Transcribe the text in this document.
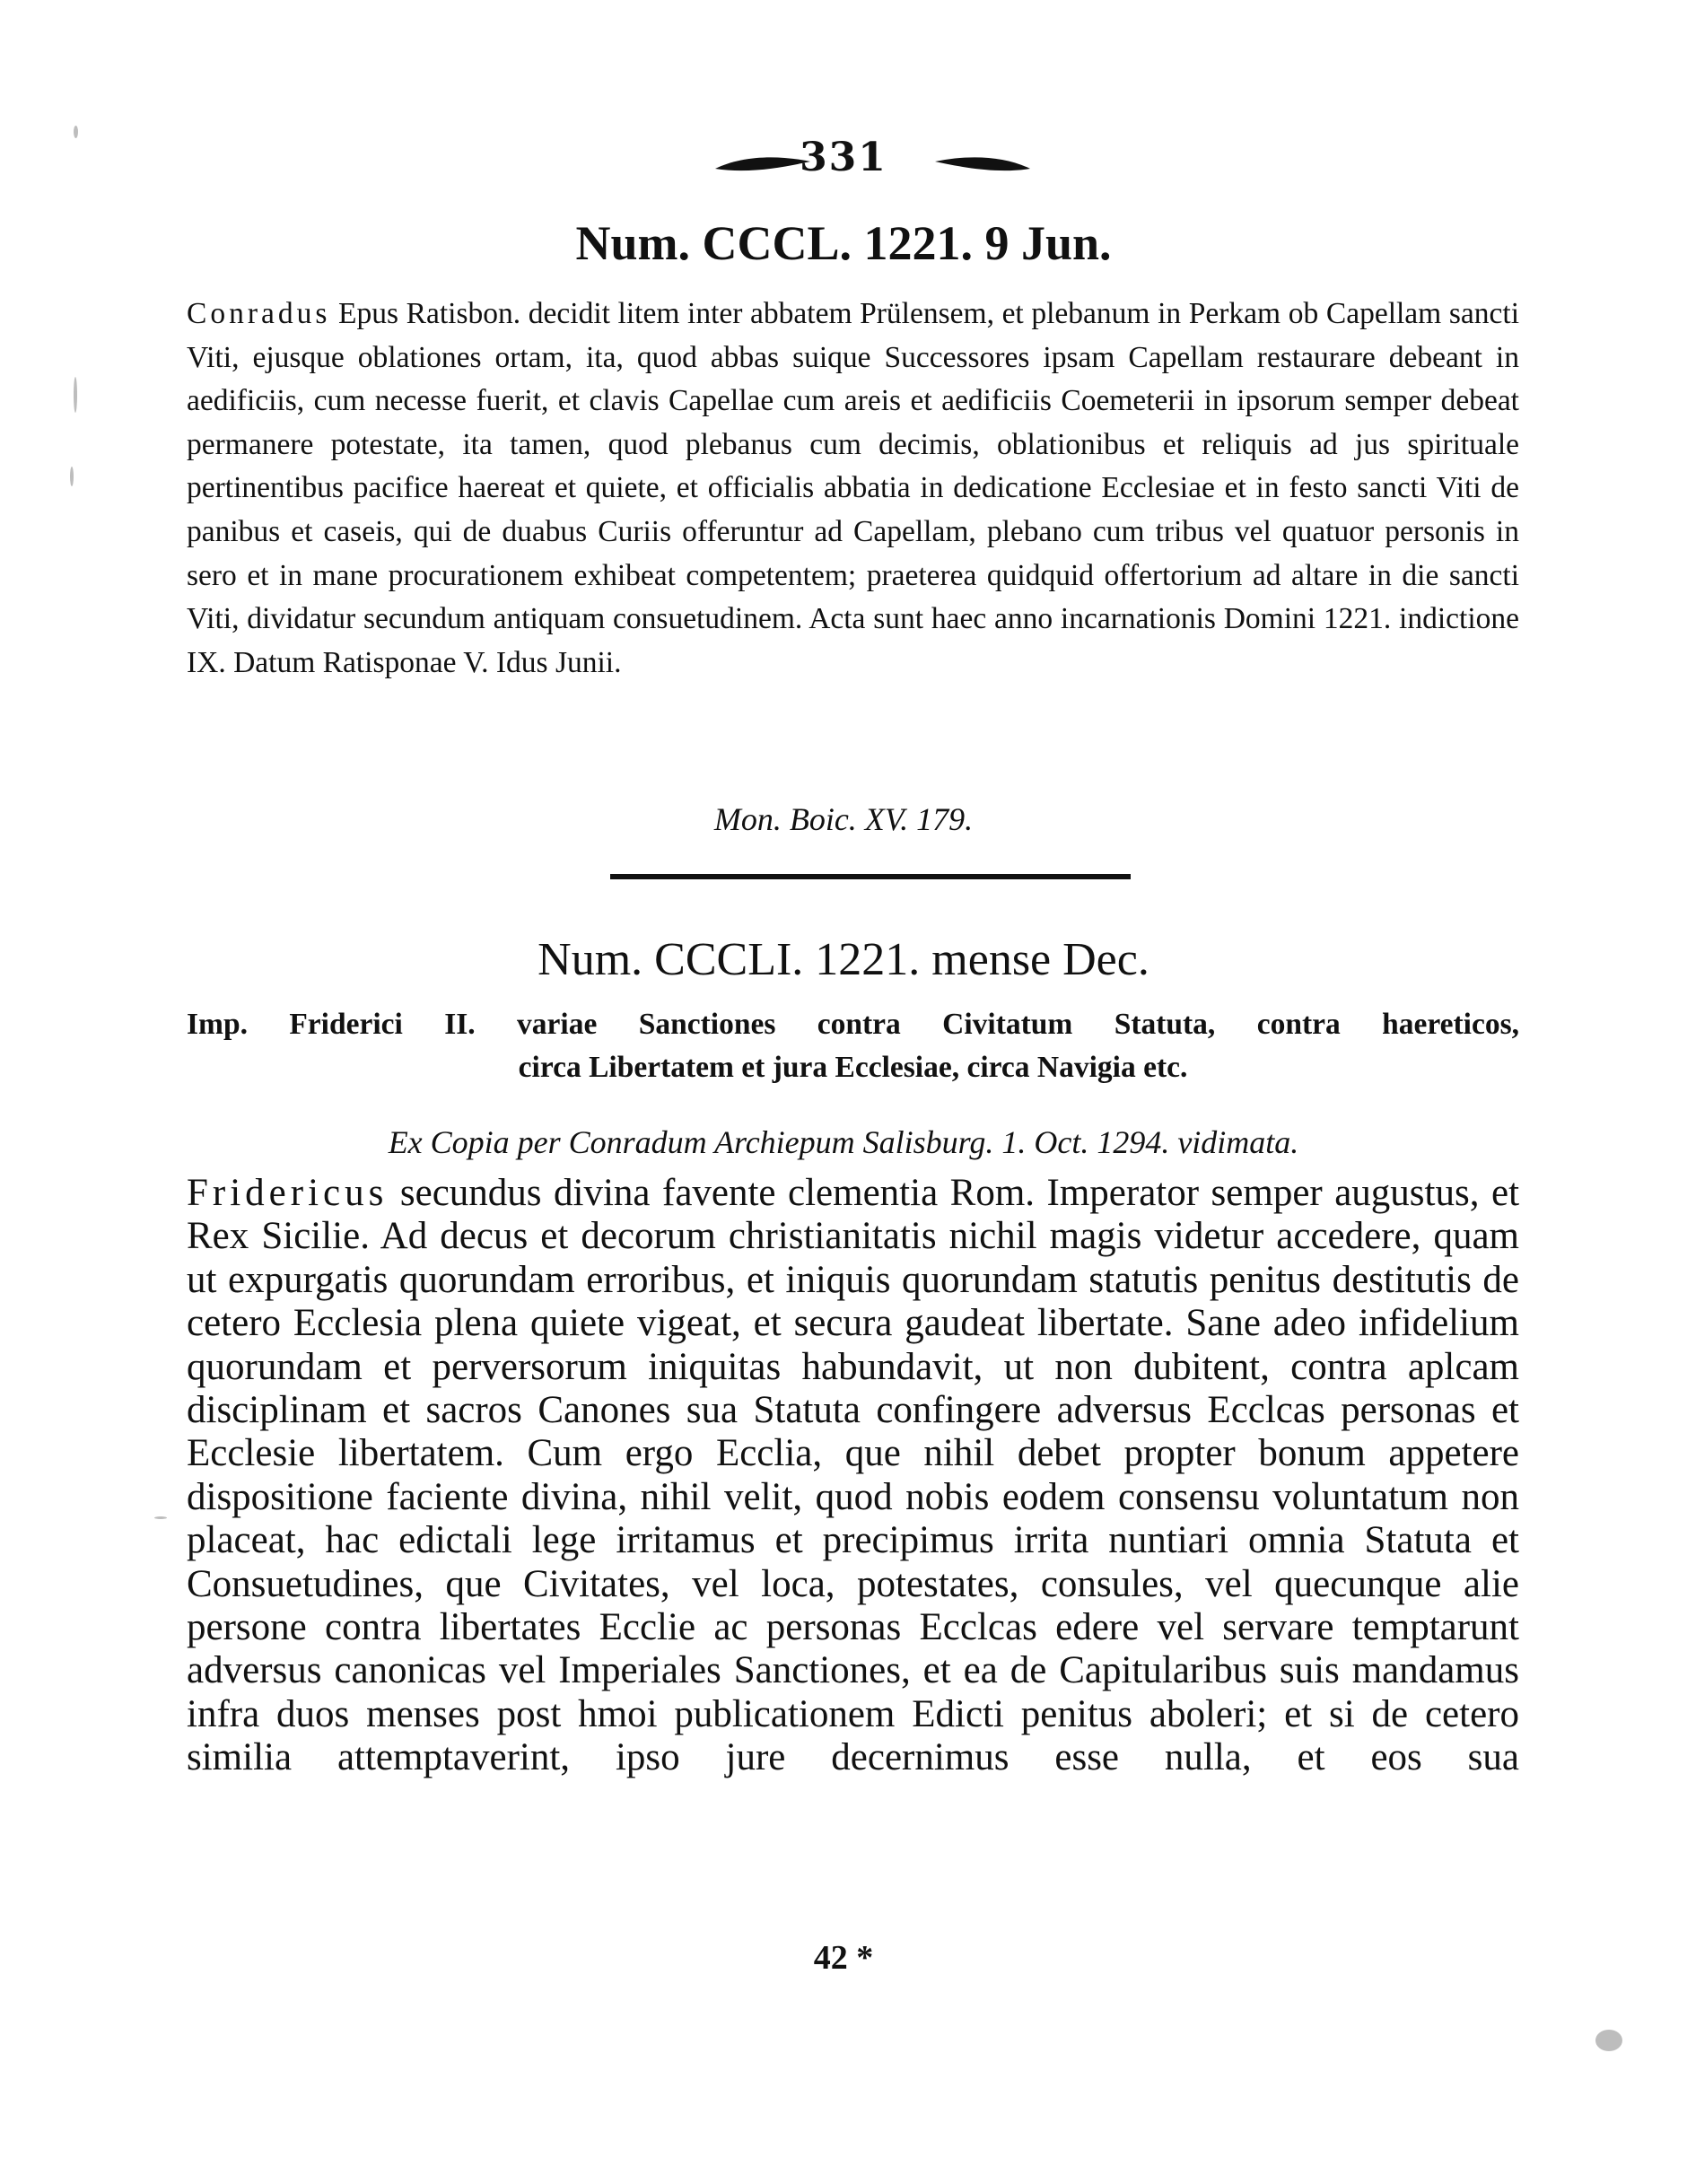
331
Num. CCCL. 1221. 9 Jun.
Conradus Epus Ratisbon. decidit litem inter abbatem Prülensem, et plebanum in Perkam ob Capellam sancti Viti, ejusque oblationes ortam, ita, quod abbas suique Successores ipsam Capellam restaurare debeant in aedificiis, cum necesse fuerit, et clavis Capellae cum areis et aedificiis Coemeterii in ipsorum semper debeat permanere potestate, ita tamen, quod plebanus cum decimis, oblationibus et reliquis ad jus spirituale pertinentibus pacifice haereat et quiete, et officialis abbatia in dedicatione Ecclesiae et in festo sancti Viti de panibus et caseis, qui de duabus Curiis offeruntur ad Capellam, plebano cum tribus vel quatuor personis in sero et in mane procurationem exhibeat competentem; praeterea quidquid offertorium ad altare in die sancti Viti, dividatur secundum antiquam consuetudinem. Acta sunt haec anno incarnationis Domini 1221. indictione IX. Datum Ratisponae V. Idus Junii.
Mon. Boic. XV. 179.
Num. CCCLI. 1221. mense Dec.
Imp. Friderici II. variae Sanctiones contra Civitatum Statuta, contra haereticos,
circa Libertatem et jura Ecclesiae, circa Navigia etc.
Ex Copia per Conradum Archiepum Salisburg. 1. Oct. 1294. vidimata.
Fridericus secundus divina favente clementia Rom. Imperator semper augustus, et Rex Sicilie. Ad decus et decorum christianitatis nichil magis videtur accedere, quam ut expurgatis quorundam erroribus, et iniquis quorundam statutis penitus destitutis de cetero Ecclesia plena quiete vigeat, et secura gaudeat libertate. Sane adeo infidelium quorundam et perversorum iniquitas habundavit, ut non dubitent, contra aplcam disciplinam et sacros Canones sua Statuta confingere adversus Ecclcas personas et Ecclesie libertatem. Cum ergo Ecclia, que nihil debet propter bonum appetere dispositione faciente divina, nihil velit, quod nobis eodem consensu voluntatum non placeat, hac edictali lege irritamus et precipimus irrita nuntiari omnia Statuta et Consuetudines, que Civitates, vel loca, potestates, consules, vel quecunque alie persone contra libertates Ecclie ac personas Ecclcas edere vel servare temptarunt adversus canonicas vel Imperiales Sanctiones, et ea de Capitularibus suis mandamus infra duos menses post hmoi publicationem Edicti penitus aboleri; et si de cetero similia attemptaverint, ipso jure decernimus esse nulla, et eos sua
42 *
